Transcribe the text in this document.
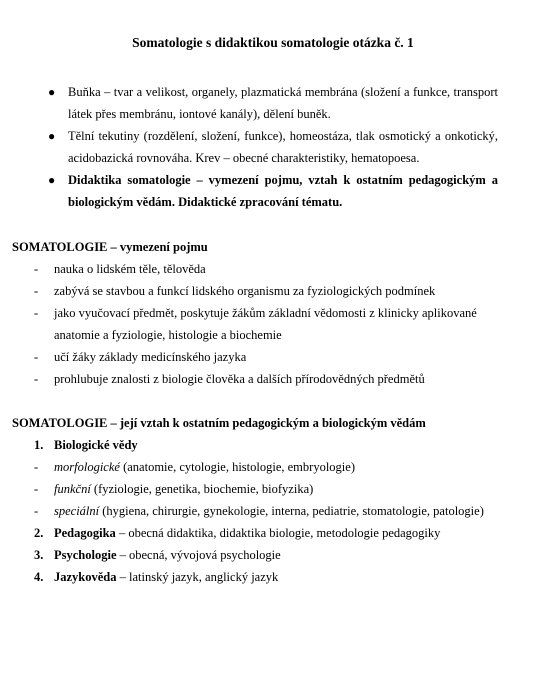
Somatologie s didaktikou somatologie otázka č. 1
● Buňka – tvar a velikost, organely, plazmatická membrána (složení a funkce, transport látek přes membránu, iontové kanály), dělení buněk.
● Tělní tekutiny (rozdělení, složení, funkce), homeostáza, tlak osmotický a onkotický, acidobazická rovnováha. Krev – obecné charakteristiky, hematopoesa.
● Didaktika somatologie – vymezení pojmu, vztah k ostatním pedagogickým a biologickým vědám. Didaktické zpracování tématu.
SOMATOLOGIE – vymezení pojmu
- nauka o lidském těle, tělověda
- zabývá se stavbou a funkcí lidského organismu za fyziologických podmínek
- jako vyučovací předmět, poskytuje žákům základní vědomosti z klinicky aplikované anatomie a fyziologie, histologie a biochemie
- učí žáky základy medicínského jazyka
- prohlubuje znalosti z biologie člověka a dalších přírodovědných předmětů
SOMATOLOGIE – její vztah k ostatním pedagogickým a biologickým vědám
1. Biologické vědy
- morfologické (anatomie, cytologie, histologie, embryologie)
- funkční (fyziologie, genetika, biochemie, biofyzika)
- speciální (hygiena, chirurgie, gynekologie, interna, pediatrie, stomatologie, patologie)
2. Pedagogika – obecná didaktika, didaktika biologie, metodologie pedagogiky
3. Psychologie – obecná, vývojová psychologie
4. Jazykověda – latinský jazyk, anglický jazyk
